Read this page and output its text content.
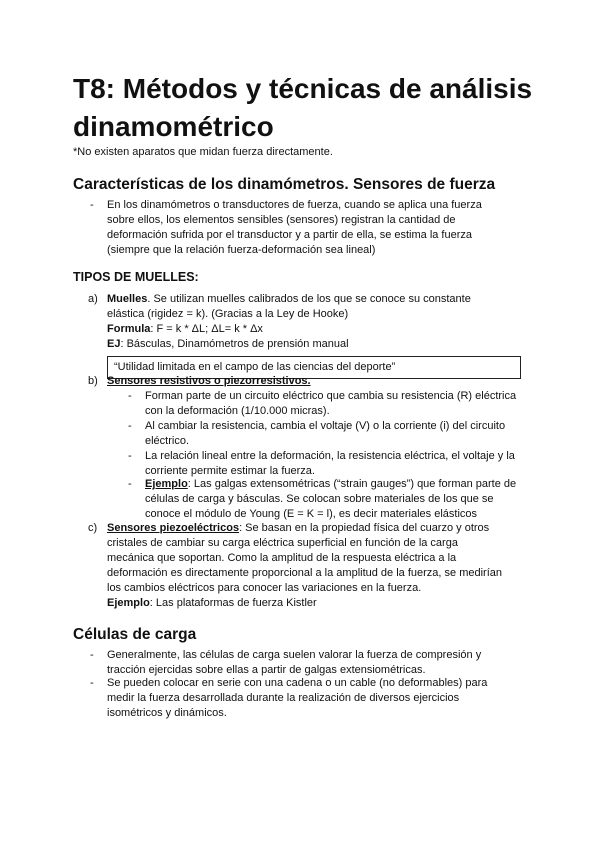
T8: Métodos y técnicas de análisis dinamométrico
*No existen aparatos que midan fuerza directamente.
Características de los dinamómetros. Sensores de fuerza
- En los dinamómetros o transductores de fuerza, cuando se aplica una fuerza sobre ellos, los elementos sensibles (sensores) registran la cantidad de deformación sufrida por el transductor y a partir de ella, se estima la fuerza (siempre que la relación fuerza-deformación sea lineal)
TIPOS DE MUELLES:
a) Muelles. Se utilizan muelles calibrados de los que se conoce su constante elástica (rigidez = k). (Gracias a la Ley de Hooke)
Formula: F = k * ΔL; ΔL= k * Δx
EJ: Básculas, Dinamómetros de prensión manual
“Utilidad limitada en el campo de las ciencias del deporte”
b) Sensores resistivos o piezorresistivos.
- Forman parte de un circuito eléctrico que cambia su resistencia (R) eléctrica con la deformación (1/10.000 micras).
- Al cambiar la resistencia, cambia el voltaje (V) o la corriente (i) del circuito eléctrico.
- La relación lineal entre la deformación, la resistencia eléctrica, el voltaje y la corriente permite estimar la fuerza.
- Ejemplo: Las galgas extensométricas (“strain gauges”) que forman parte de células de carga y básculas. Se colocan sobre materiales de los que se conoce el módulo de Young (E = K = l), es decir materiales elásticos
c) Sensores piezoeléctricos: Se basan en la propiedad física del cuarzo y otros cristales de cambiar su carga eléctrica superficial en función de la carga mecánica que soportan. Como la amplitud de la respuesta eléctrica a la deformación es directamente proporcional a la amplitud de la fuerza, se medirían los cambios eléctricos para conocer las variaciones en la fuerza.
Ejemplo: Las plataformas de fuerza Kistler
Células de carga
- Generalmente, las células de carga suelen valorar la fuerza de compresión y tracción ejercidas sobre ellas a partir de galgas extensiométricas.
- Se pueden colocar en serie con una cadena o un cable (no deformables) para medir la fuerza desarrollada durante la realización de diversos ejercicios isométricos y dinámicos.
